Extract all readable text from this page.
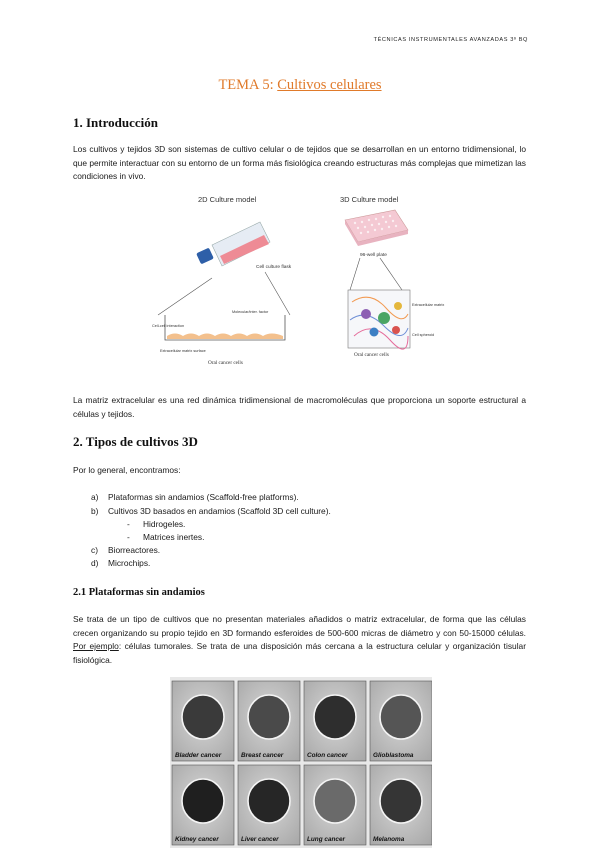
TÉCNICAS INSTRUMENTALES AVANZADAS 3º BQ
TEMA 5: Cultivos celulares
1. Introducción
Los cultivos y tejidos 3D son sistemas de cultivo celular o de tejidos que se desarrollan en un entorno tridimensional, lo que permite interactuar con su entorno de un forma más fisiológica creando estructuras más complejas que mimetizan las condiciones in vivo.
2D Culture model	3D Culture model
Cell culture flask
96-well plate
Cell-cell interaction
Molecular/inter. factor
Extracellular matrix surface
Oral cancer cells
Extracellular matrix
Cell spheroid
Oral cancer cells
La matriz extracelular es una red dinámica tridimensional de macromoléculas que proporciona un soporte estructural a células y tejidos.
2. Tipos de cultivos 3D
Por lo general, encontramos:
a) Plataformas sin andamios (Scaffold-free platforms).
b) Cultivos 3D basados en andamios (Scaffold 3D cell culture).
- Hidrogeles.
- Matrices inertes.
c) Biorreactores.
d) Microchips.
2.1 Plataformas sin andamios
Se trata de un tipo de cultivos que no presentan materiales añadidos o matriz extracelular, de forma que las células crecen organizando su propio tejido en 3D formando esferoides de 500-600 micras de diámetro y con 50-15000 células. Por ejemplo: células tumorales. Se trata de una disposición más cercana a la estructura celular y organización tisular fisiológica.
Bladder cancer	Breast cancer	Colon cancer	Glioblastoma
Kidney cancer	Liver cancer	Lung cancer	Melanoma
